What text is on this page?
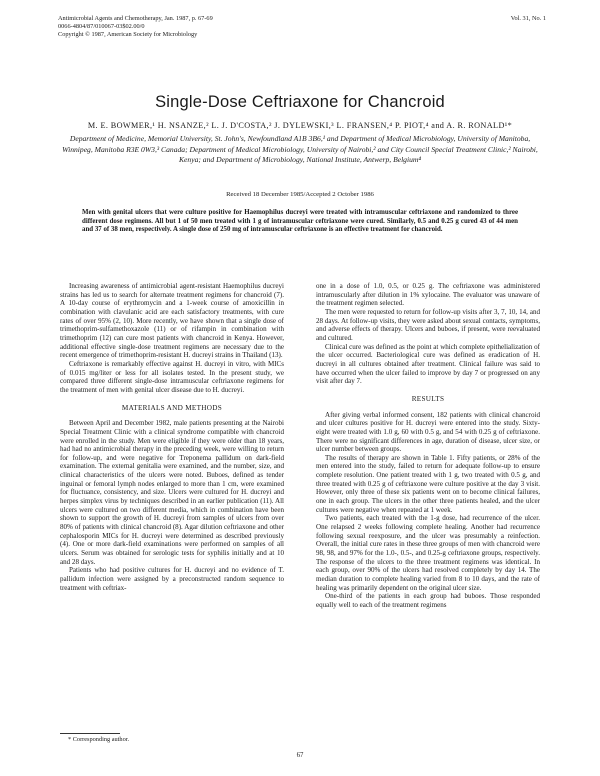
Antimicrobial Agents and Chemotherapy, Jan. 1987, p. 67-69
0066-4804/87/010067-03$02.00/0
Copyright © 1987, American Society for Microbiology
Vol. 31, No. 1
Single-Dose Ceftriaxone for Chancroid
M. E. BOWMER,¹ H. NSANZE,² L. J. D'COSTA,² J. DYLEWSKI,³ L. FRANSEN,⁴ P. PIOT,⁴ and A. R. RONALD¹*
Department of Medicine, Memorial University, St. John's, Newfoundland A1B 3B6,¹ and Department of Medical Microbiology, University of Manitoba, Winnipeg, Manitoba R3E 0W3,³ Canada; Department of Medical Microbiology, University of Nairobi,² and City Council Special Treatment Clinic,² Nairobi, Kenya; and Department of Microbiology, National Institute, Antwerp, Belgium⁴
Received 18 December 1985/Accepted 2 October 1986
Men with genital ulcers that were culture positive for Haemophilus ducreyi were treated with intramuscular ceftriaxone and randomized to three different dose regimens. All but 1 of 50 men treated with 1 g of intramuscular ceftriaxone were cured. Similarly, 0.5 and 0.25 g cured 43 of 44 men and 37 of 38 men, respectively. A single dose of 250 mg of intramuscular ceftriaxone is an effective treatment for chancroid.

Increasing awareness of antimicrobial agent-resistant Haemophilus ducreyi strains has led us to search for alternate treatment regimens for chancroid (7). A 10-day course of erythromycin and a 1-week course of amoxicillin in combination with clavulanic acid are each satisfactory treatments, with cure rates of over 95% (2, 10). More recently, we have shown that a single dose of trimethoprim-sulfamethoxazole (11) or of rifampin in combination with trimethoprim (12) can cure most patients with chancroid in Kenya. However, additional effective single-dose treatment regimens are necessary due to the recent emergence of trimethoprim-resistant H. ducreyi strains in Thailand (13).

Ceftriaxone is remarkably effective against H. ducreyi in vitro, with MICs of 0.015 mg/liter or less for all isolates tested. In the present study, we compared three different single-dose intramuscular ceftriaxone regimens for the treatment of men with genital ulcer disease due to H. ducreyi.

MATERIALS AND METHODS

Between April and December 1982, male patients presenting at the Nairobi Special Treatment Clinic with a clinical syndrome compatible with chancroid were enrolled in the study. Men were eligible if they were older than 18 years, had had no antimicrobial therapy in the preceding week, were willing to return for follow-up, and were negative for Treponema pallidum on dark-field examination. The external genitalia were examined, and the number, size, and clinical characteristics of the ulcers were noted. Buboes, defined as tender inguinal or femoral lymph nodes enlarged to more than 1 cm, were examined for fluctuance, consistency, and size. Ulcers were cultured for H. ducreyi and herpes simplex virus by techniques described in an earlier publication (11). All ulcers were cultured on two different media, which in combination have been shown to support the growth of H. ducreyi from samples of ulcers from over 80% of patients with clinical chancroid (8). Agar dilution ceftriaxone and other cephalosporin MICs for H. ducreyi were determined as described previously (4). One or more dark-field examinations were performed on samples of all ulcers. Serum was obtained for serologic tests for syphilis initially and at 10 and 28 days.

Patients who had positive cultures for H. ducreyi and no evidence of T. pallidum infection were assigned by a preconstructed random sequence to treatment with ceftriax-

one in a dose of 1.0, 0.5, or 0.25 g. The ceftriaxone was administered intramuscularly after dilution in 1% xylocaine. The evaluator was unaware of the treatment regimen selected.

The men were requested to return for follow-up visits after 3, 7, 10, 14, and 28 days. At follow-up visits, they were asked about sexual contacts, symptoms, and adverse effects of therapy. Ulcers and buboes, if present, were reevaluated and cultured.

Clinical cure was defined as the point at which complete epithelialization of the ulcer occurred. Bacteriological cure was defined as eradication of H. ducreyi in all cultures obtained after treatment. Clinical failure was said to have occurred when the ulcer failed to improve by day 7 or progressed on any visit after day 7.

RESULTS

After giving verbal informed consent, 182 patients with clinical chancroid and ulcer cultures positive for H. ducreyi were entered into the study. Sixty-eight were treated with 1.0 g, 60 with 0.5 g, and 54 with 0.25 g of ceftriaxone. There were no significant differences in age, duration of disease, ulcer size, or ulcer number between groups.

The results of therapy are shown in Table 1. Fifty patients, or 28% of the men entered into the study, failed to return for adequate follow-up to ensure complete resolution. One patient treated with 1 g, two treated with 0.5 g, and three treated with 0.25 g of ceftriaxone were culture positive at the day 3 visit. However, only three of these six patients went on to become clinical failures, one in each group. The ulcers in the other three patients healed, and the ulcer cultures were negative when repeated at 1 week.

Two patients, each treated with the 1-g dose, had recurrence of the ulcer. One relapsed 2 weeks following complete healing. Another had recurrence following sexual reexposure, and the ulcer was presumably a reinfection. Overall, the initial cure rates in these three groups of men with chancroid were 98, 98, and 97% for the 1.0-, 0.5-, and 0.25-g ceftriaxone groups, respectively. The response of the ulcers to the three treatment regimens was identical. In each group, over 90% of the ulcers had resolved completely by day 14. The median duration to complete healing varied from 8 to 10 days, and the rate of healing was primarily dependent on the original ulcer size.

One-third of the patients in each group had buboes. Those responded equally well to each of the treatment regimens

* Corresponding author.
67
